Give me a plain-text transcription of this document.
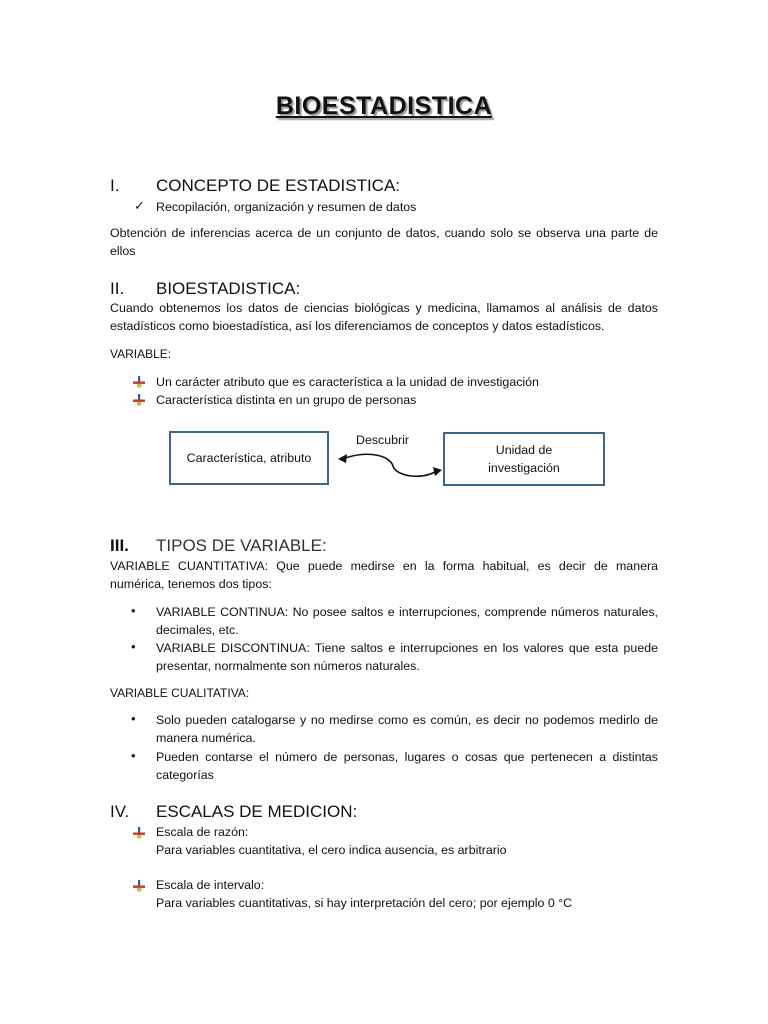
BIOESTADISTICA
I. CONCEPTO DE ESTADISTICA:
✓ Recopilación, organización y resumen de datos
Obtención de inferencias acerca de un conjunto de datos, cuando solo se observa una parte de ellos
II. BIOESTADISTICA:
Cuando obtenemos los datos de ciencias biológicas y medicina, llamamos al análisis de datos estadísticos como bioestadística, así los diferenciamos de conceptos y datos estadísticos.
VARIABLE:
Un carácter atributo que es característica a la unidad de investigación
Característica distinta en un grupo de personas
Característica, atributo
Descubrir
Unidad de investigación
III. TIPOS DE VARIABLE:
VARIABLE CUANTITATIVA: Que puede medirse en la forma habitual, es decir de manera numérica, tenemos dos tipos:
• VARIABLE CONTINUA: No posee saltos e interrupciones, comprende números naturales, decimales, etc.
• VARIABLE DISCONTINUA: Tiene saltos e interrupciones en los valores que esta puede presentar, normalmente son números naturales.
VARIABLE CUALITATIVA:
• Solo pueden catalogarse y no medirse como es común, es decir no podemos medirlo de manera numérica.
• Pueden contarse el número de personas, lugares o cosas que pertenecen a distintas categorías
IV. ESCALAS DE MEDICION:
Escala de razón:
Para variables cuantitativa, el cero indica ausencia, es arbitrario
Escala de intervalo:
Para variables cuantitativas, si hay interpretación del cero; por ejemplo 0 °C
